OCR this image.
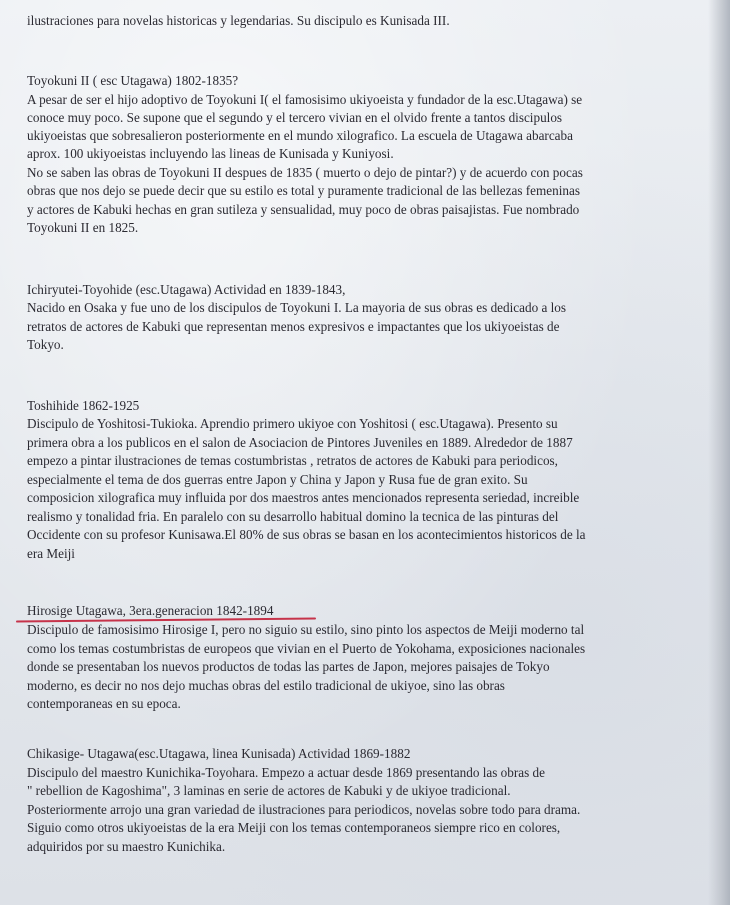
ilustraciones para novelas historicas y legendarias. Su discipulo es Kunisada III.
Toyokuni II ( esc Utagawa) 1802-1835?
A pesar de ser el hijo adoptivo de Toyokuni I( el famosisimo ukiyoeista y fundador de la esc.Utagawa) se
conoce muy poco. Se supone que el segundo y el tercero vivian en el olvido frente a tantos discipulos
ukiyoeistas que sobresalieron posteriormente en el mundo xilografico. La escuela de Utagawa abarcaba
aprox. 100 ukiyoeistas incluyendo las lineas de Kunisada y Kuniyosi.
No se saben las obras de Toyokuni II despues de 1835 ( muerto o dejo de pintar?) y de acuerdo con pocas
obras que nos dejo se puede decir que su estilo es total y puramente tradicional de las bellezas femeninas
y actores de Kabuki hechas en gran sutileza y sensualidad, muy poco de obras paisajistas. Fue nombrado
Toyokuni II en 1825.
Ichiryutei-Toyohide (esc.Utagawa) Actividad en 1839-1843,
Nacido en Osaka y fue uno de los discipulos de Toyokuni I. La mayoria de sus obras es dedicado a los
retratos de actores de Kabuki que representan menos expresivos e impactantes que los ukiyoeistas de
Tokyo.
Toshihide 1862-1925
Discipulo de Yoshitosi-Tukioka. Aprendio primero ukiyoe con Yoshitosi ( esc.Utagawa). Presento su
primera obra a los publicos en el salon de Asociacion de Pintores Juveniles en 1889. Alrededor de 1887
empezo a pintar ilustraciones de temas costumbristas , retratos de actores de Kabuki para periodicos,
especialmente el tema de dos guerras entre Japon y China y Japon y Rusa fue de gran exito. Su
composicion xilografica muy influida por dos maestros antes mencionados representa seriedad, increible
realismo y tonalidad fria. En paralelo con su desarrollo habitual domino la tecnica de las pinturas del
Occidente con su profesor Kunisawa.El 80% de sus obras se basan en los acontecimientos historicos de la
era Meiji
Hirosige Utagawa, 3era.generacion 1842-1894
Discipulo de famosisimo Hirosige I, pero no siguio su estilo, sino pinto los aspectos de Meiji moderno tal
como los temas costumbristas de europeos que vivian en el Puerto de Yokohama, exposiciones nacionales
donde se presentaban los nuevos productos de todas las partes de Japon, mejores paisajes de Tokyo
moderno, es decir no nos dejo muchas obras del estilo tradicional de ukiyoe, sino las obras
contemporaneas en su epoca.
Chikasige- Utagawa(esc.Utagawa, linea Kunisada) Actividad 1869-1882
Discipulo del maestro Kunichika-Toyohara. Empezo a actuar desde 1869 presentando las obras de
" rebellion de Kagoshima", 3 laminas en serie de actores de Kabuki y de ukiyoe tradicional.
Posteriormente arrojo una gran variedad de ilustraciones para periodicos, novelas sobre todo para drama.
Siguio como otros ukiyoeistas de la era Meiji con los temas contemporaneos siempre rico en colores,
adquiridos por su maestro Kunichika.
